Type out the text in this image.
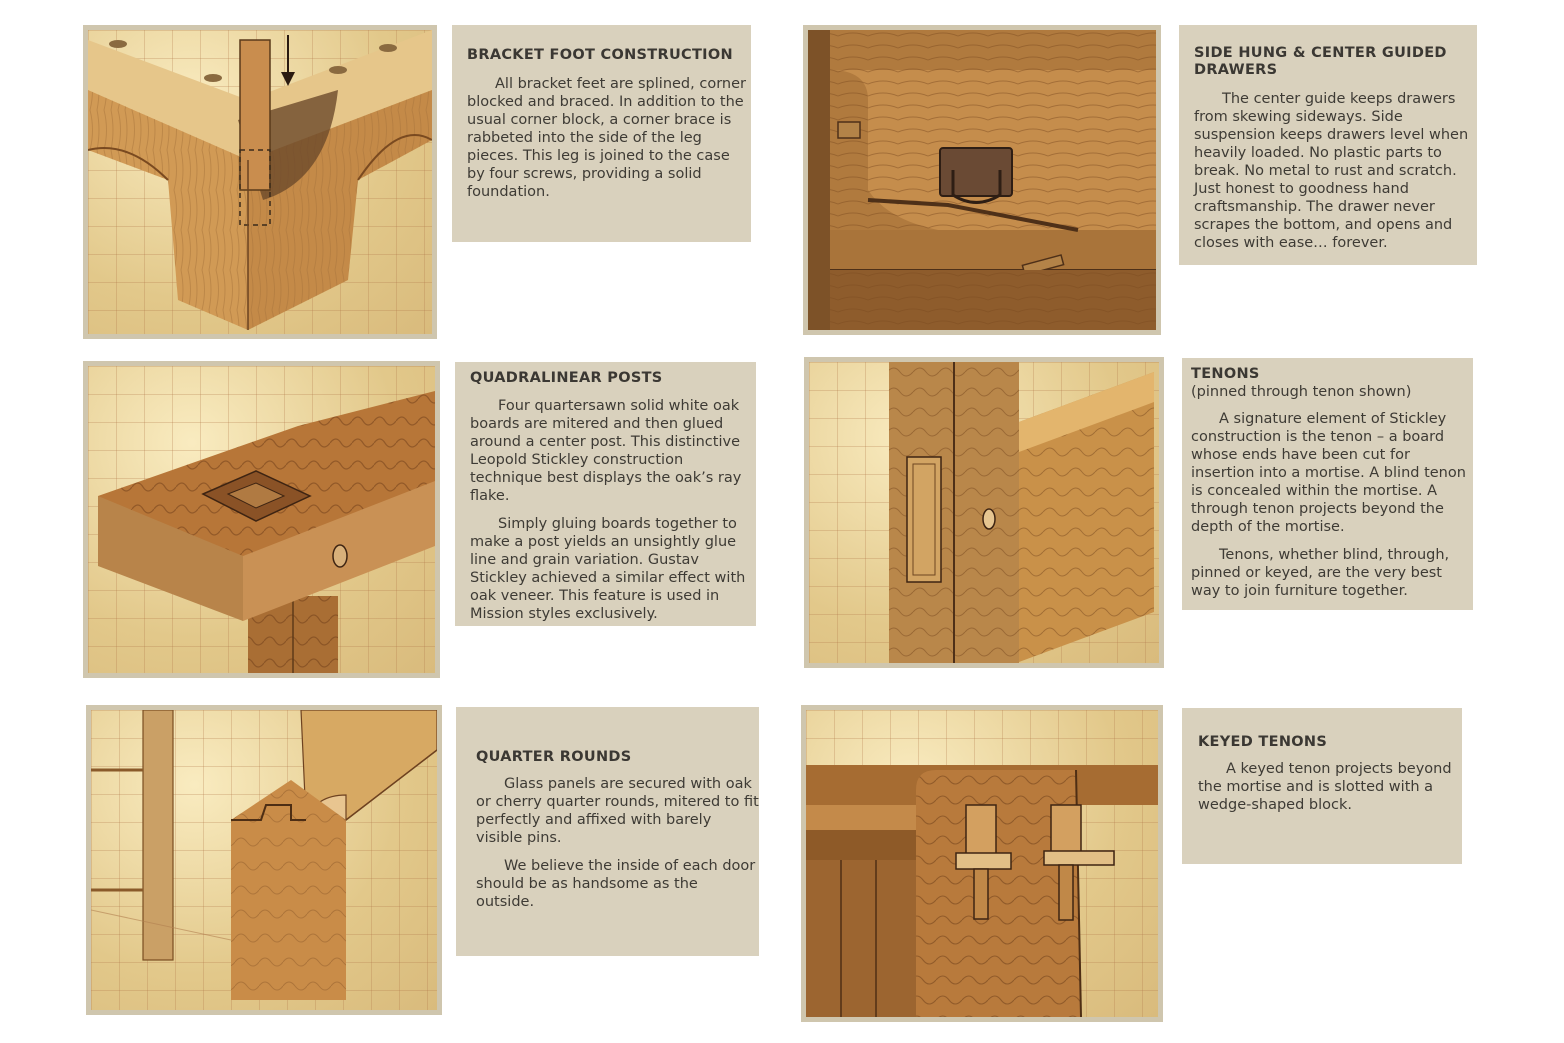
BRACKET FOOT CONSTRUCTION

All bracket feet are splined, corner blocked and braced. In addition to the usual corner block, a corner brace is rabbeted into the side of the leg pieces. This leg is joined to the case by four screws, providing a solid foundation.

SIDE HUNG & CENTER GUIDED DRAWERS

The center guide keeps drawers from skewing sideways. Side suspension keeps drawers level when heavily loaded. No plastic parts to break. No metal to rust and scratch. Just honest to goodness hand craftsmanship. The drawer never scrapes the bottom, and opens and closes with ease… forever.

QUADRALINEAR POSTS

Four quartersawn solid white oak boards are mitered and then glued around a center post. This distinctive Leopold Stickley construction technique best displays the oak’s ray flake.

Simply gluing boards together to make a post yields an unsightly glue line and grain variation. Gustav Stickley achieved a similar effect with oak veneer. This feature is used in Mission styles exclusively.

TENONS
(pinned through tenon shown)

A signature element of Stickley construction is the tenon – a board whose ends have been cut for insertion into a mortise. A blind tenon is concealed within the mortise. A through tenon projects beyond the depth of the mortise.

Tenons, whether blind, through, pinned or keyed, are the very best way to join furniture together.

QUARTER ROUNDS

Glass panels are secured with oak or cherry quarter rounds, mitered to fit perfectly and affixed with barely visible pins.

We believe the inside of each door should be as handsome as the outside.

KEYED TENONS

A keyed tenon projects beyond the mortise and is slotted with a wedge-shaped block.
